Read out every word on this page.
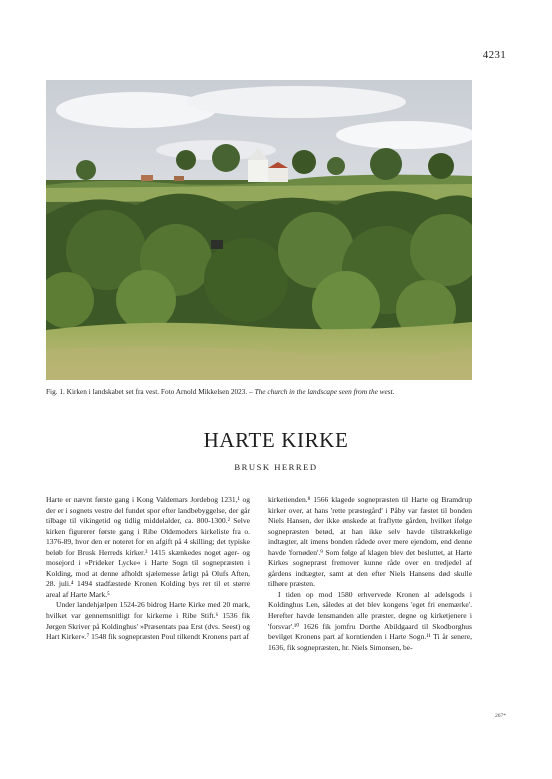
4231
Fig. 1. Kirken i landskabet set fra vest. Foto Arnold Mikkelsen 2023. – The church in the landscape seen from the west.
HARTE KIRKE
BRUSK HERRED

Harte er nævnt første gang i Kong Valdemars Jordebog 1231,¹ og der er i sognets vestre del fundet spor efter landbebyggelse, der går tilbage til vikingetid og tidlig middelalder, ca. 800-1300.² Selve kirken figurerer første gang i Ribe Oldemoders kirkeliste fra o. 1376-89, hvor den er noteret for en afgift på 4 skilling; det typiske beløb for Brusk Herreds kirker.³ 1415 skænkedes noget ager- og mosejord i »Prideker Lycke« i Harte Sogn til sognepræsten i Kolding, mod at denne afholdt sjælemesse årligt på Olufs Aften, 28. juli.⁴ 1494 stadfæstede Kronen Kolding bys ret til et større areal af Harte Mark.⁵

Under landehjælpen 1524-26 bidrog Harte Kirke med 20 mark, hvilket var gennemsnitligt for kirkerne i Ribe Stift.⁶ 1536 fik Jørgen Skriver på Koldinghus' »Præsentats paa Erst (dvs. Seest) og Hart Kirker«.⁷ 1548 fik sognepræsten Poul tilkendt Kronens part af

kirketienden.⁸ 1566 klagede sognepræsten til Harte og Bramdrup kirker over, at hans 'rette præstegård' i Påby var fæstet til bonden Niels Hansen, der ikke ønskede at fraflytte gården, hvilket ifølge sognepræsten betød, at han ikke selv havde tilstrækkelige indtægter, alt imens bonden rådede over mere ejendom, end denne havde 'fornøden'.⁹ Som følge af klagen blev det besluttet, at Harte Kirkes sognepræst fremover kunne råde over en tredjedel af gårdens indtægter, samt at den efter Niels Hansens død skulle tilhøre præsten.

I tiden op mod 1580 erhvervede Kronen al adelsgods i Koldinghus Len, således at det blev kongens 'eget fri enemærke'. Herefter havde lensmanden alle præster, degne og kirketjenere i 'forsvar'.¹⁰ 1626 fik jomfru Dorthe Abildgaard til Skodborghus bevilget Kronens part af korntienden i Harte Sogn.¹¹ Ti år senere, 1636, fik sognepræsten, hr. Niels Simonsen, be-

267*
